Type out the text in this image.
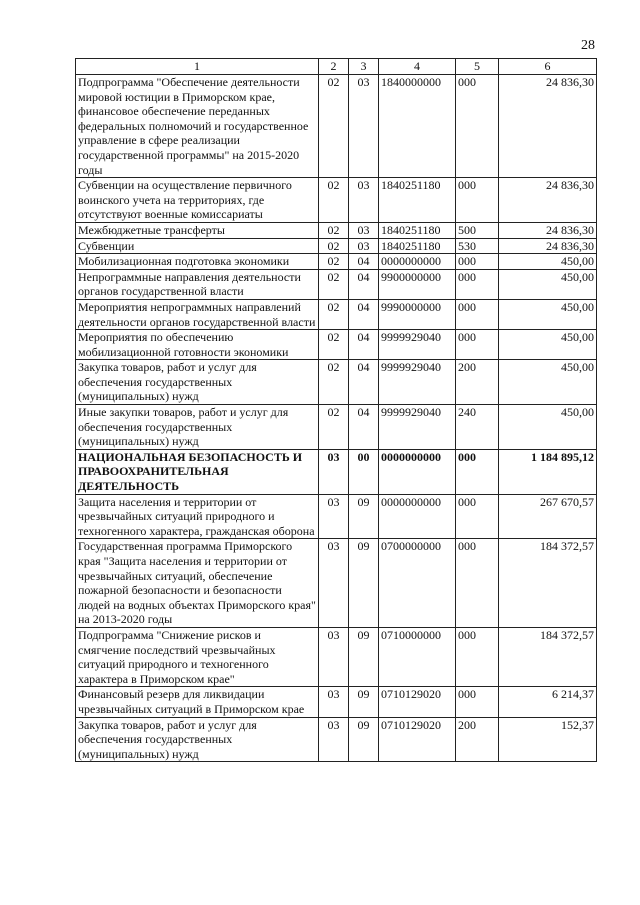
28
1	2	3	4	5	6
Подпрограмма "Обеспечение деятельности мировой юстиции в Приморском крае, финансовое обеспечение переданных федеральных полномочий и государственное управление в сфере реализации государственной программы" на 2015-2020 годы	02	03	1840000000	000	24 836,30
Субвенции на осуществление первичного воинского учета на территориях, где отсутствуют военные комиссариаты	02	03	1840251180	000	24 836,30
Межбюджетные трансферты	02	03	1840251180	500	24 836,30
Субвенции	02	03	1840251180	530	24 836,30
Мобилизационная подготовка экономики	02	04	0000000000	000	450,00
Непрограммные направления деятельности органов государственной власти	02	04	9900000000	000	450,00
Мероприятия непрограммных направлений деятельности органов государственной власти	02	04	9990000000	000	450,00
Мероприятия по обеспечению мобилизационной готовности экономики	02	04	9999929040	000	450,00
Закупка товаров, работ и услуг для обеспечения государственных (муниципальных) нужд	02	04	9999929040	200	450,00
Иные закупки товаров, работ и услуг для обеспечения государственных (муниципальных) нужд	02	04	9999929040	240	450,00
НАЦИОНАЛЬНАЯ БЕЗОПАСНОСТЬ И ПРАВООХРАНИТЕЛЬНАЯ ДЕЯТЕЛЬНОСТЬ	03	00	0000000000	000	1 184 895,12
Защита населения и территории от чрезвычайных ситуаций природного и техногенного характера, гражданская оборона	03	09	0000000000	000	267 670,57
Государственная программа Приморского края "Защита населения и территории от чрезвычайных ситуаций, обеспечение пожарной безопасности и безопасности людей на водных объектах Приморского края" на 2013-2020 годы	03	09	0700000000	000	184 372,57
Подпрограмма "Снижение рисков и смягчение последствий чрезвычайных ситуаций природного и техногенного характера в Приморском крае"	03	09	0710000000	000	184 372,57
Финансовый резерв для ликвидации чрезвычайных ситуаций в Приморском крае	03	09	0710129020	000	6 214,37
Закупка товаров, работ и услуг для обеспечения государственных (муниципальных) нужд	03	09	0710129020	200	152,37
